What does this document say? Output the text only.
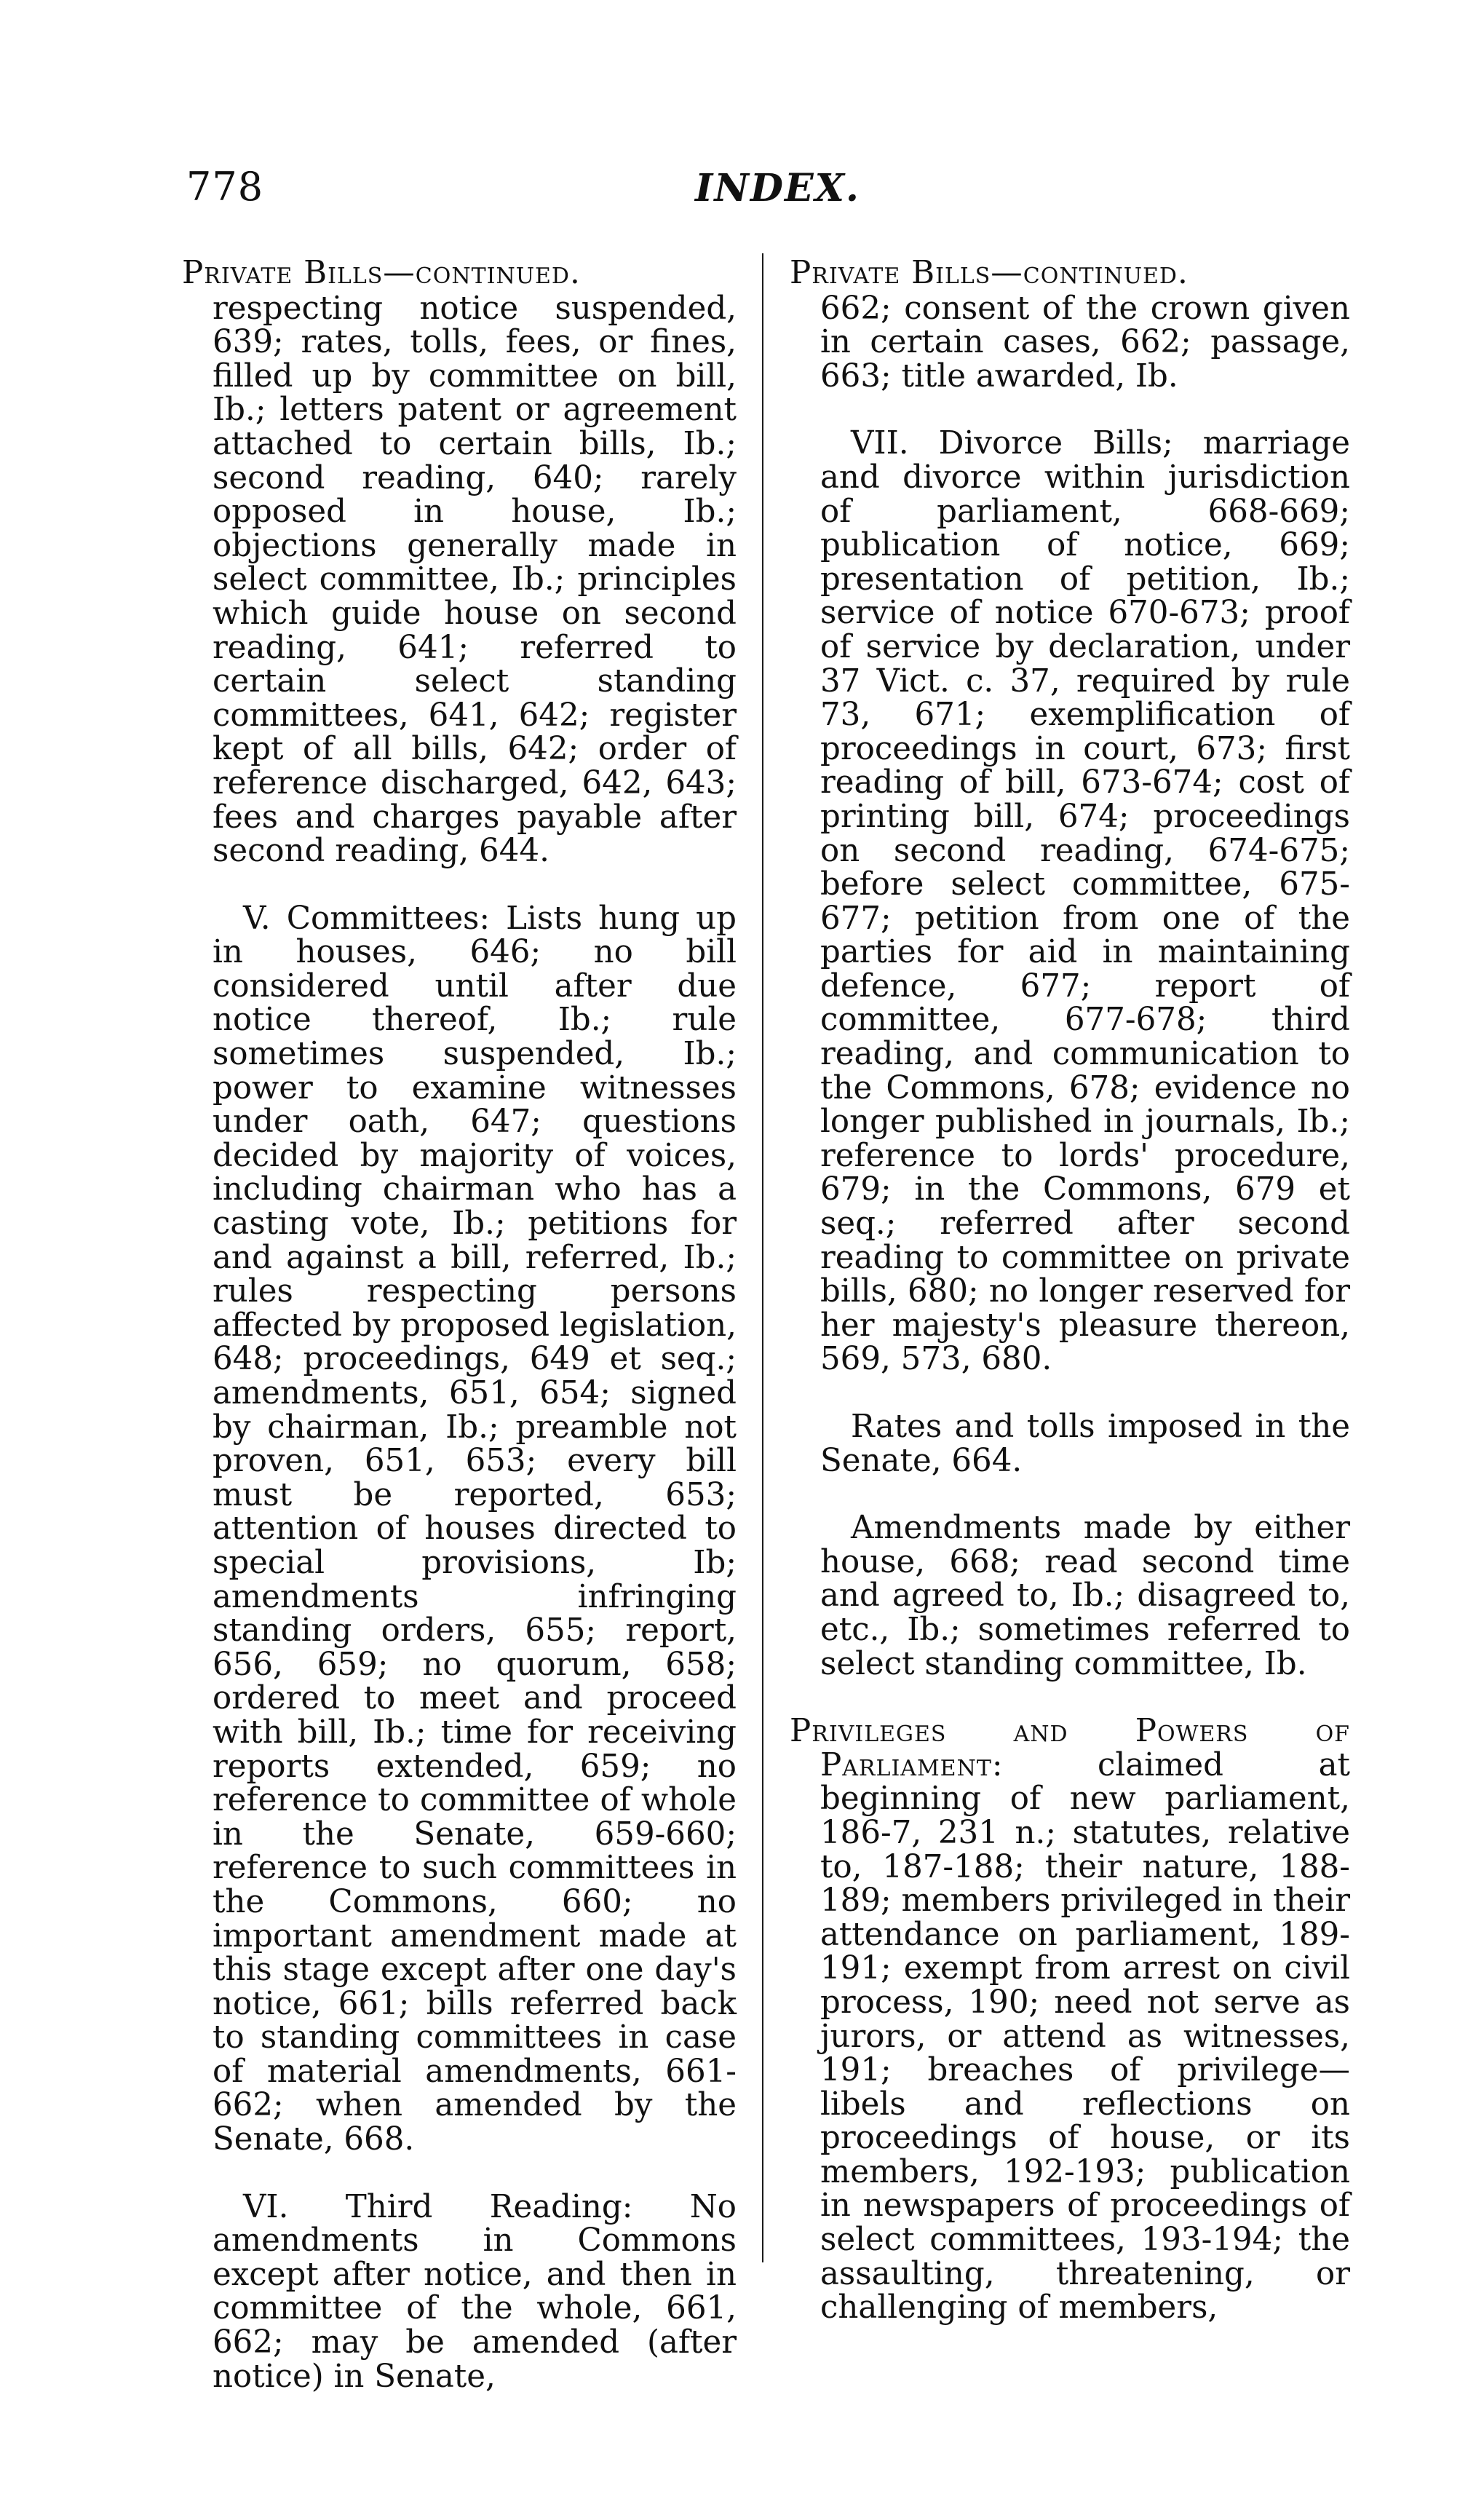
778	INDEX.
Private Bills—continued.

respecting notice suspended, 639; rates, tolls, fees, or fines, filled up by committee on bill, Ib.; letters patent or agreement attached to certain bills, Ib.; second reading, 640; rarely opposed in house, Ib.; objections generally made in select committee, Ib.; principles which guide house on second reading, 641; referred to certain select standing committees, 641, 642; register kept of all bills, 642; order of reference discharged, 642, 643; fees and charges payable after second reading, 644.

V. Committees: Lists hung up in houses, 646; no bill considered until after due notice thereof, Ib.; rule sometimes suspended, Ib.; power to examine witnesses under oath, 647; questions decided by majority of voices, including chairman who has a casting vote, Ib.; petitions for and against a bill, referred, Ib.; rules respecting persons affected by proposed legislation, 648; proceedings, 649 et seq.; amendments, 651, 654; signed by chairman, Ib.; preamble not proven, 651, 653; every bill must be reported, 653; attention of houses directed to special provisions, Ib; amendments infringing standing orders, 655; report, 656, 659; no quorum, 658; ordered to meet and proceed with bill, Ib.; time for receiving reports extended, 659; no reference to committee of whole in the Senate, 659-660; reference to such committees in the Commons, 660; no important amendment made at this stage except after one day's notice, 661; bills referred back to standing committees in case of material amendments, 661-662; when amended by the Senate, 668.

VI. Third Reading: No amendments in Commons except after notice, and then in committee of the whole, 661, 662; may be amended (after notice) in Senate,

Private Bills—continued.

662; consent of the crown given in certain cases, 662; passage, 663; title awarded, Ib.

VII. Divorce Bills; marriage and divorce within jurisdiction of parliament, 668-669; publication of notice, 669; presentation of petition, Ib.; service of notice 670-673; proof of service by declaration, under 37 Vict. c. 37, required by rule 73, 671; exemplification of proceedings in court, 673; first reading of bill, 673-674; cost of printing bill, 674; proceedings on second reading, 674-675; before select committee, 675-677; petition from one of the parties for aid in maintaining defence, 677; report of committee, 677-678; third reading, and communication to the Commons, 678; evidence no longer published in journals, Ib.; reference to lords' procedure, 679; in the Commons, 679 et seq.; referred after second reading to committee on private bills, 680; no longer reserved for her majesty's pleasure thereon, 569, 573, 680.

Rates and tolls imposed in the Senate, 664.

Amendments made by either house, 668; read second time and agreed to, Ib.; disagreed to, etc., Ib.; sometimes referred to select standing committee, Ib.

Privileges and Powers of Parliament: claimed at beginning of new parliament, 186-7, 231 n.; statutes, relative to, 187-188; their nature, 188-189; members privileged in their attendance on parliament, 189-191; exempt from arrest on civil process, 190; need not serve as jurors, or attend as witnesses, 191; breaches of privilege—libels and reflections on proceedings of house, or its members, 192-193; publication in newspapers of proceedings of select committees, 193-194; the assaulting, threatening, or challenging of members,
